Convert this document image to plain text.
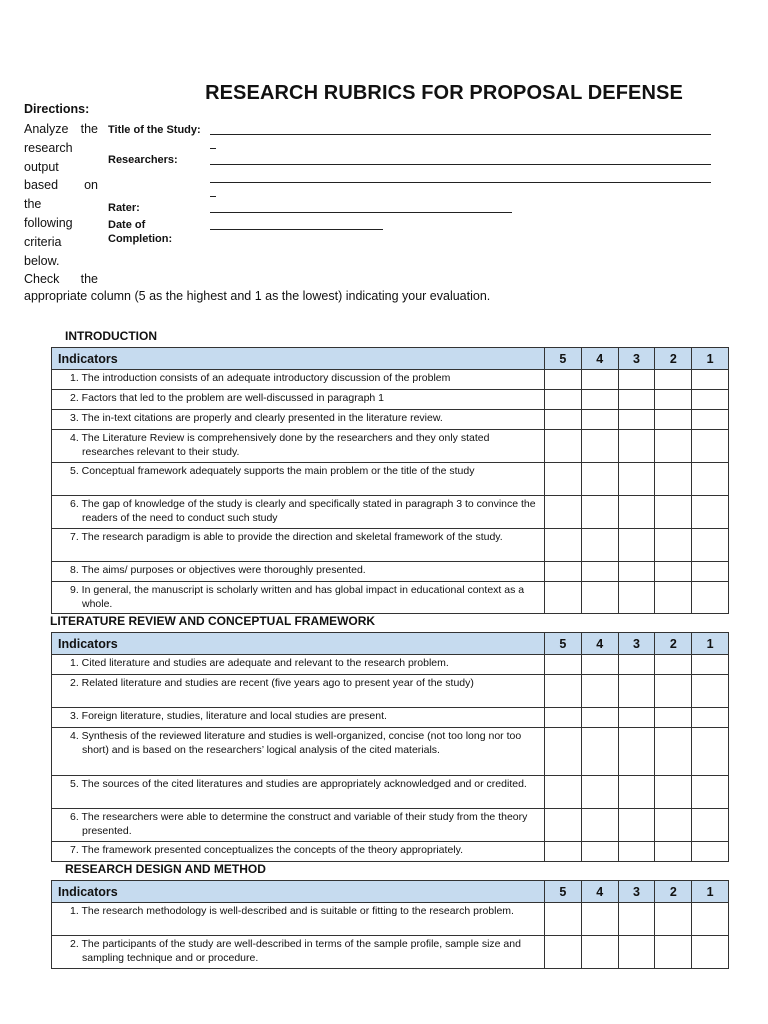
RESEARCH RUBRICS FOR PROPOSAL DEFENSE
Directions:
Analyze the
research
output
based on
the
following
criteria
below.
Check the
appropriate column (5 as the highest and 1 as the lowest) indicating your evaluation.
Title of the Study:
Researchers:
Rater:
Date of
Completion:
INTRODUCTION
Indicators	5	4	3	2	1
1. The introduction consists of an adequate introductory discussion of the problem					
2. Factors that led to the problem are well-discussed in paragraph 1					
3. The in-text citations are properly and clearly presented in the literature review.					
4. The Literature Review is comprehensively done by the researchers and they only stated researches relevant to their study.					
5. Conceptual framework adequately supports the main problem or the title of the study					
6. The gap of knowledge of the study is clearly and specifically stated in paragraph 3 to convince the readers of the need to conduct such study					
7. The research paradigm is able to provide the direction and skeletal framework of the study.					
8. The aims/ purposes or objectives were thoroughly presented.					
9. In general, the manuscript is scholarly written and has global impact in educational context as a whole.					
LITERATURE REVIEW AND CONCEPTUAL FRAMEWORK
Indicators	5	4	3	2	1
1. Cited literature and studies are adequate and relevant to the research problem.					
2. Related literature and studies are recent (five years ago to present year of the study)					
3. Foreign literature, studies, literature and local studies are present.					
4. Synthesis of the reviewed literature and studies is well-organized, concise (not too long nor too short) and is based on the researchers’ logical analysis of the cited materials.					
5. The sources of the cited literatures and studies are appropriately acknowledged and or credited.					
6. The researchers were able to determine the construct and variable of their study from the theory presented.					
7. The framework presented conceptualizes the concepts of the theory appropriately.					
RESEARCH DESIGN AND METHOD
Indicators	5	4	3	2	1
1. The research methodology is well-described and is suitable or fitting to the research problem.					
2. The participants of the study are well-described in terms of the sample profile, sample size and sampling technique and or procedure.					
